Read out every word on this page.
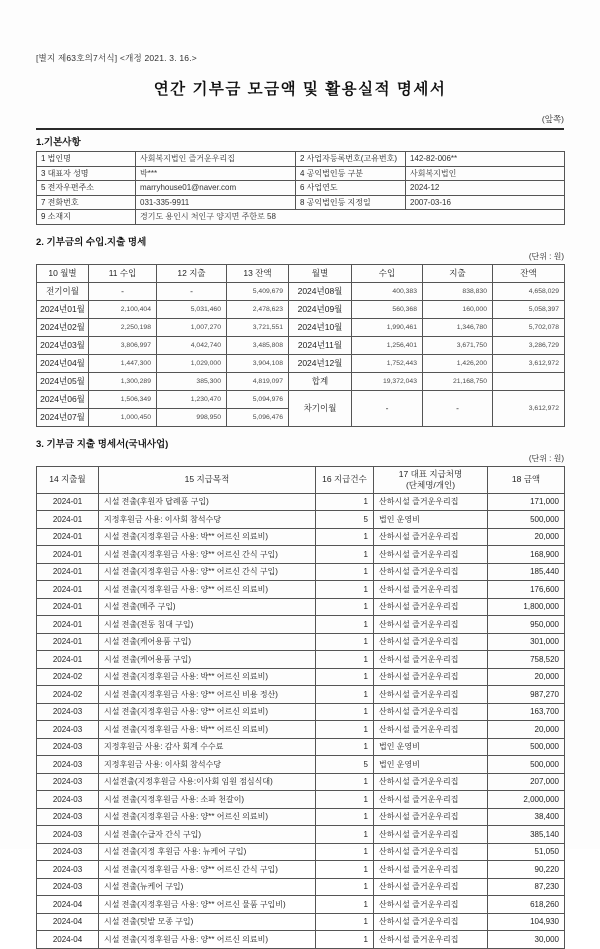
[별지 제63호의7서식] <개정 2021. 3. 16.>
연간 기부금 모금액 및 활용실적 명세서
(앞쪽)
1.기본사항
1 법인명	사회복지법인 즐거운우리집	2 사업자등록번호(고유번호)	142-82-006**
3 대표자 성명	박***	4 공익법인등 구분	사회복지법인
5 전자우편주소	marryhouse01@naver.com	6 사업연도	2024-12
7 전화번호	031-335-9911	8 공익법인등 지정일	2007-03-16
9 소재지	경기도 용인시 처인구 양지면 주한로 58		
2. 기부금의 수입.지출 명세
(단위 : 원)
10 월별	11 수입	12 지출	13 잔액	월별	수입	지출	잔액
전기이월	-	-	5,409,679	2024년08월	400,383	838,830	4,658,029
2024년01월	2,100,404	5,031,460	2,478,623	2024년09월	560,368	160,000	5,058,397
2024년02월	2,250,198	1,007,270	3,721,551	2024년10월	1,990,461	1,346,780	5,702,078
2024년03월	3,806,997	4,042,740	3,485,808	2024년11월	1,256,401	3,671,750	3,286,729
2024년04월	1,447,300	1,029,000	3,904,108	2024년12월	1,752,443	1,426,200	3,612,972
2024년05월	1,300,289	385,300	4,819,097	합계	19,372,043	21,168,750	
2024년06월	1,506,349	1,230,470	5,094,976	차기이월	-	-	3,612,972
2024년07월	1,000,450	998,950	5,096,476				
3. 기부금 지출 명세서(국내사업)
(단위 : 원)
14 지출월	15 지급목적	16 지급건수	17 대표 지급처명
(단체명/개인)	18 금액
2024-01	시설 전출(후원자 답례품 구입)	1	산하시설 즐거운우리집	171,000
2024-01	지정후원금 사용: 이사회 참석수당	5	법인 운영비	500,000
2024-01	시설 전출(지정후원금 사용: 박** 어르신 의료비)	1	산하시설 즐거운우리집	20,000
2024-01	시설 전출(지정후원금 사용: 양** 어르신 간식 구입)	1	산하시설 즐거운우리집	168,900
2024-01	시설 전출(지정후원금 사용: 양** 어르신 간식 구입)	1	산하시설 즐거운우리집	185,440
2024-01	시설 전출(지정후원금 사용: 양** 어르신 의료비)	1	산하시설 즐거운우리집	176,600
2024-01	시설 전출(메주 구입)	1	산하시설 즐거운우리집	1,800,000
2024-01	시설 전출(전동 침대 구입)	1	산하시설 즐거운우리집	950,000
2024-01	시설 전출(케어용품 구입)	1	산하시설 즐거운우리집	301,000
2024-01	시설 전출(케어용품 구입)	1	산하시설 즐거운우리집	758,520
2024-02	시설 전출(지정후원금 사용: 박** 어르신 의료비)	1	산하시설 즐거운우리집	20,000
2024-02	시설 전출(지정후원금 사용: 양** 어르신 비용 정산)	1	산하시설 즐거운우리집	987,270
2024-03	시설 전출(지정후원금 사용: 양** 어르신 의료비)	1	산하시설 즐거운우리집	163,700
2024-03	시설 전출(지정후원금 사용: 박** 어르신 의료비)	1	산하시설 즐거운우리집	20,000
2024-03	지정후원금 사용: 감사 회계 수수료	1	법인 운영비	500,000
2024-03	지정후원금 사용: 이사회 참석수당	5	법인 운영비	500,000
2024-03	시설전출(지정후원금 사용:이사회 임원 점심식대)	1	산하시설 즐거운우리집	207,000
2024-03	시설 전출(지정후원금 사용: 소파 천갈이)	1	산하시설 즐거운우리집	2,000,000
2024-03	시설 전출(지정후원금 사용: 양** 어르신 의료비)	1	산하시설 즐거운우리집	38,400
2024-03	시설 전출(수급자 간식 구입)	1	산하시설 즐거운우리집	385,140
2024-03	시설 전출(지정 후원금 사용: 뉴케어 구입)	1	산하시설 즐거운우리집	51,050
2024-03	시설 전출(지정후원금 사용: 양** 어르신 간식 구입)	1	산하시설 즐거운우리집	90,220
2024-03	시설 전출(뉴케어 구입)	1	산하시설 즐거운우리집	87,230
2024-04	시설 전출(지정후원금 사용: 양** 어르신 물품 구입비)	1	산하시설 즐거운우리집	618,260
2024-04	시설 전출(텃밭 모종 구입)	1	산하시설 즐거운우리집	104,930
2024-04	시설 전출(지정후원금 사용: 양** 어르신 의료비)	1	산하시설 즐거운우리집	30,000
